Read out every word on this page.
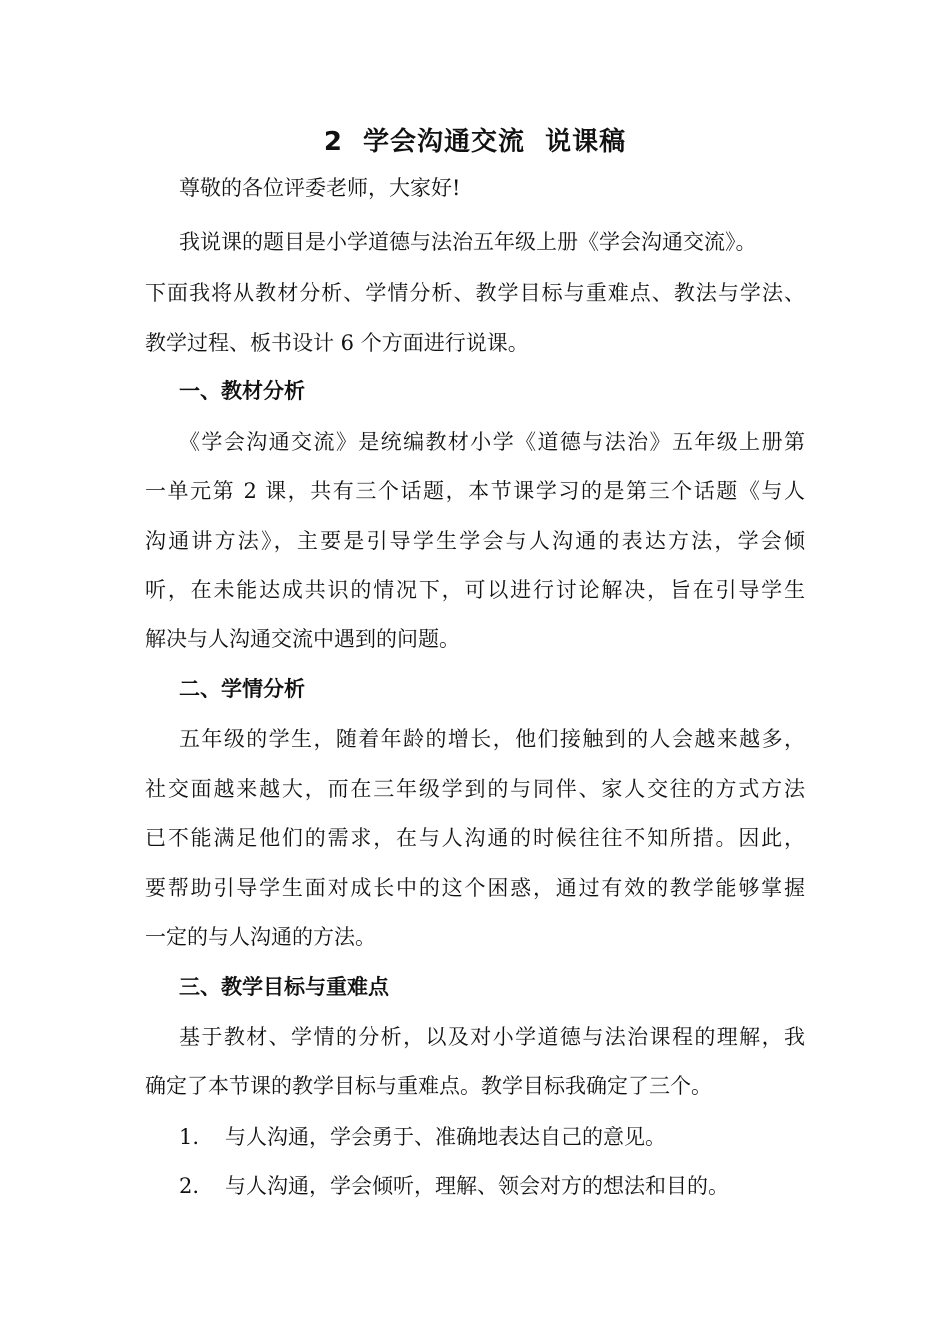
2  学会沟通交流  说课稿
尊敬的各位评委老师，大家好!
我说课的题目是小学道德与法治五年级上册《学会沟通交流》。
下面我将从教材分析、学情分析、教学目标与重难点、教法与学法、
教学过程、板书设计 6 个方面进行说课。
一、教材分析
《学会沟通交流》是统编教材小学《道德与法治》五年级上册第
一单元第 2 课，共有三个话题，本节课学习的是第三个话题《与人
沟通讲方法》，主要是引导学生学会与人沟通的表达方法，学会倾
听，在未能达成共识的情况下，可以进行讨论解决，旨在引导学生
解决与人沟通交流中遇到的问题。
二、学情分析
五年级的学生，随着年龄的增长，他们接触到的人会越来越多，
社交面越来越大，而在三年级学到的与同伴、家人交往的方式方法
已不能满足他们的需求，在与人沟通的时候往往不知所措。因此，
要帮助引导学生面对成长中的这个困惑，通过有效的教学能够掌握
一定的与人沟通的方法。
三、教学目标与重难点
基于教材、学情的分析，以及对小学道德与法治课程的理解，我
确定了本节课的教学目标与重难点。教学目标我确定了三个。
1. 与人沟通，学会勇于、准确地表达自己的意见。
2. 与人沟通，学会倾听，理解、领会对方的想法和目的。
